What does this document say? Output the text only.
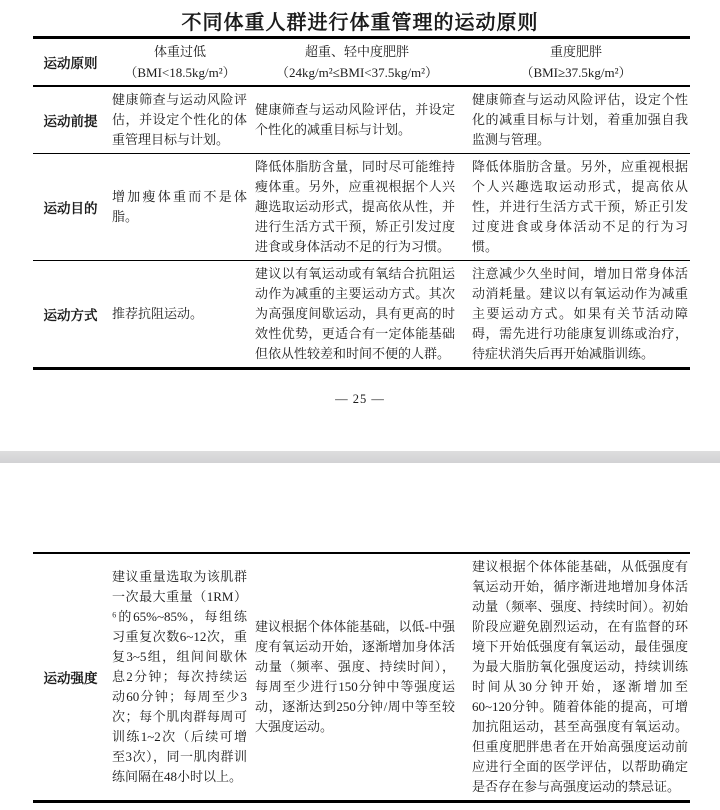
不同体重人群进行体重管理的运动原则
运动原则
体重过低
（BMI<18.5kg/m²）
超重、轻中度肥胖
（24kg/m²≤BMI<37.5kg/m²）
重度肥胖
（BMI≥37.5kg/m²）
运动前提
健康筛查与运动风险评估，并设定个性化的体重管理目标与计划。
健康筛查与运动风险评估，并设定个性化的减重目标与计划。
健康筛查与运动风险评估，设定个性化的减重目标与计划，着重加强自我监测与管理。
运动目的
增加瘦体重而不是体脂。
降低体脂肪含量，同时尽可能维持瘦体重。另外，应重视根据个人兴趣选取运动形式，提高依从性，并进行生活方式干预，矫正引发过度进食或身体活动不足的行为习惯。
降低体脂肪含量。另外，应重视根据个人兴趣选取运动形式，提高依从性，并进行生活方式干预，矫正引发过度进食或身体活动不足的行为习惯。
运动方式	推荐抗阻运动。
建议以有氧运动或有氧结合抗阻运动作为减重的主要运动方式。其次为高强度间歇运动，具有更高的时效性优势，更适合有一定体能基础但依从性较差和时间不便的人群。
注意减少久坐时间，增加日常身体活动消耗量。建议以有氧运动作为减重主要运动方式。如果有关节活动障碍，需先进行功能康复训练或治疗，待症状消失后再开始减脂训练。
— 25 —
运动强度
建议重量选取为该肌群一次最大重量（1RM）⁶的65%~85%，每组练习重复次数6~12次，重复3~5组，组间间歇休息2分钟；每次持续运动60分钟；每周至少3次；每个肌肉群每周可训练1~2次（后续可增至3次），同一肌肉群训练间隔在48小时以上。
建议根据个体体能基础，以低-中强度有氧运动开始，逐渐增加身体活动量（频率、强度、持续时间），每周至少进行150分钟中等强度运动，逐渐达到250分钟/周中等至较大强度运动。
建议根据个体体能基础，从低强度有氧运动开始，循序渐进地增加身体活动量（频率、强度、持续时间）。初始阶段应避免剧烈运动，在有监督的环境下开始低强度有氧运动，最佳强度为最大脂肪氧化强度运动，持续训练时间从30分钟开始，逐渐增加至60~120分钟。随着体能的提高，可增加抗阻运动，甚至高强度有氧运动。但重度肥胖患者在开始高强度运动前应进行全面的医学评估，以帮助确定是否存在参与高强度运动的禁忌证。
